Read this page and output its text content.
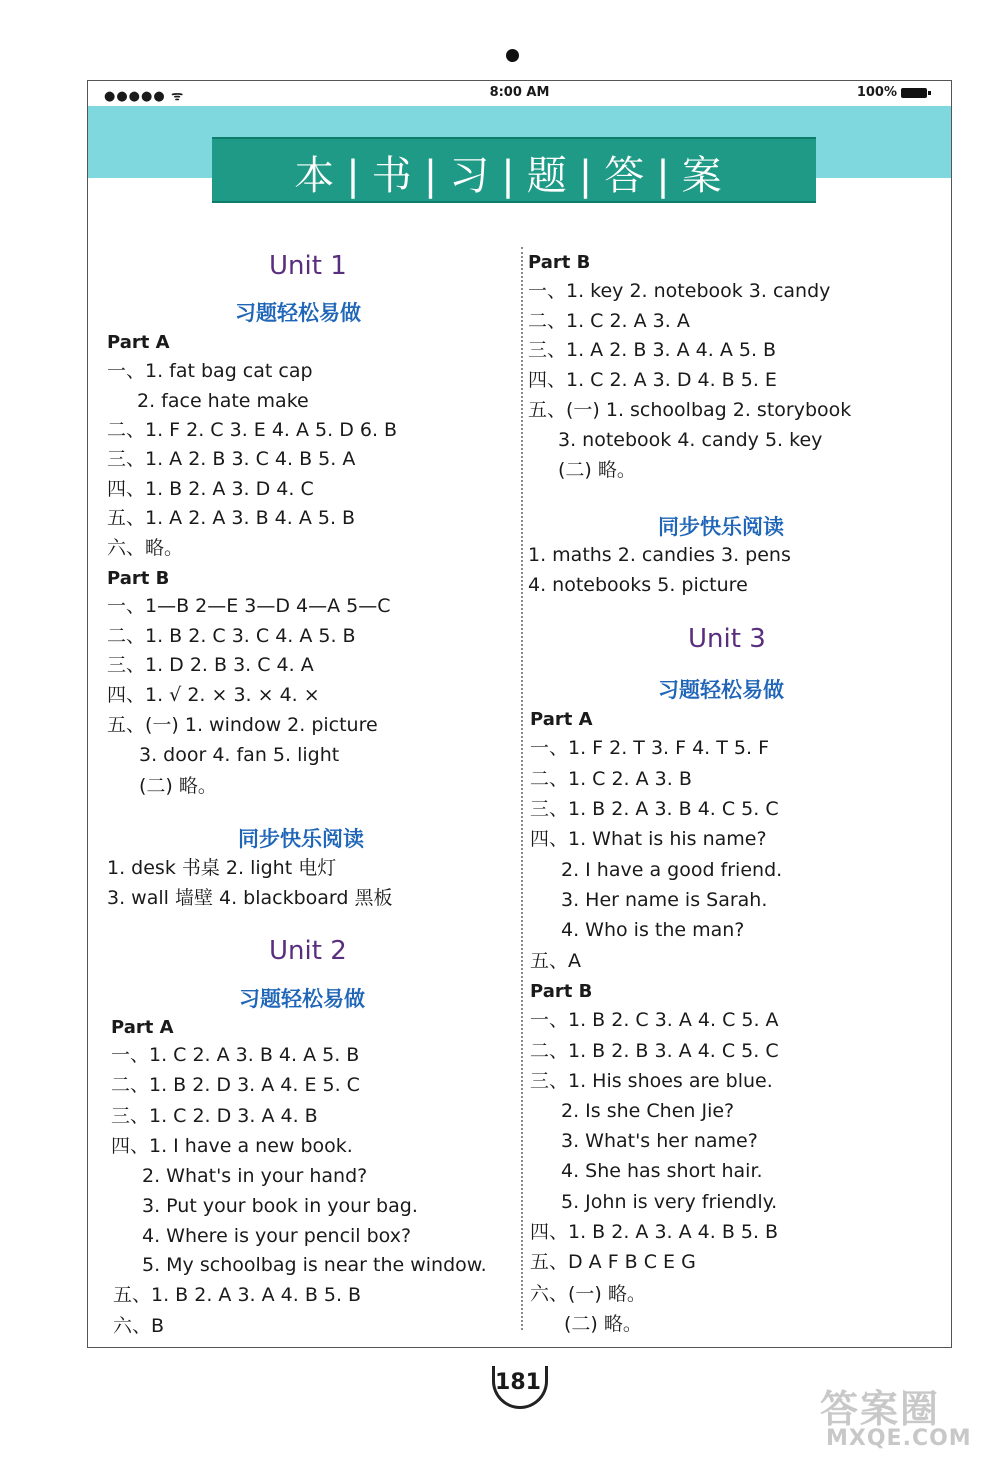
●●●●● ᯤ	8:00 AM	100%
本|书|习|题|答|案
Unit 1
习题轻松易做
Part A
一、1. fat bag cat cap
2. face hate make
二、1. F 2. C 3. E 4. A 5. D 6. B
三、1. A 2. B 3. C 4. B 5. A
四、1. B 2. A 3. D 4. C
五、1. A 2. A 3. B 4. A 5. B
六、略。
Part B
一、1—B 2—E 3—D 4—A 5—C
二、1. B 2. C 3. C 4. A 5. B
三、1. D 2. B 3. C 4. A
四、1. √ 2. × 3. × 4. ×
五、(一) 1. window 2. picture
3. door 4. fan 5. light
(二) 略。
同步快乐阅读
1. desk 书桌 2. light 电灯
3. wall 墙壁 4. blackboard 黑板
Unit 2
习题轻松易做
Part A
一、1. C 2. A 3. B 4. A 5. B
二、1. B 2. D 3. A 4. E 5. C
三、1. C 2. D 3. A 4. B
四、1. I have a new book.
2. What's in your hand?
3. Put your book in your bag.
4. Where is your pencil box?
5. My schoolbag is near the window.
五、1. B 2. A 3. A 4. B 5. B
六、B
Part B
一、1. key 2. notebook 3. candy
二、1. C 2. A 3. A
三、1. A 2. B 3. A 4. A 5. B
四、1. C 2. A 3. D 4. B 5. E
五、(一) 1. schoolbag 2. storybook
3. notebook 4. candy 5. key
(二) 略。
同步快乐阅读
1. maths 2. candies 3. pens
4. notebooks 5. picture
Unit 3
习题轻松易做
Part A
一、1. F 2. T 3. F 4. T 5. F
二、1. C 2. A 3. B
三、1. B 2. A 3. B 4. C 5. C
四、1. What is his name?
2. I have a good friend.
3. Her name is Sarah.
4. Who is the man?
五、A
Part B
一、1. B 2. C 3. A 4. C 5. A
二、1. B 2. B 3. A 4. C 5. C
三、1. His shoes are blue.
2. Is she Chen Jie?
3. What's her name?
4. She has short hair.
5. John is very friendly.
四、1. B 2. A 3. A 4. B 5. B
五、D A F B C E G
六、(一) 略。
(二) 略。
181
答案圈
MXQE.COM
